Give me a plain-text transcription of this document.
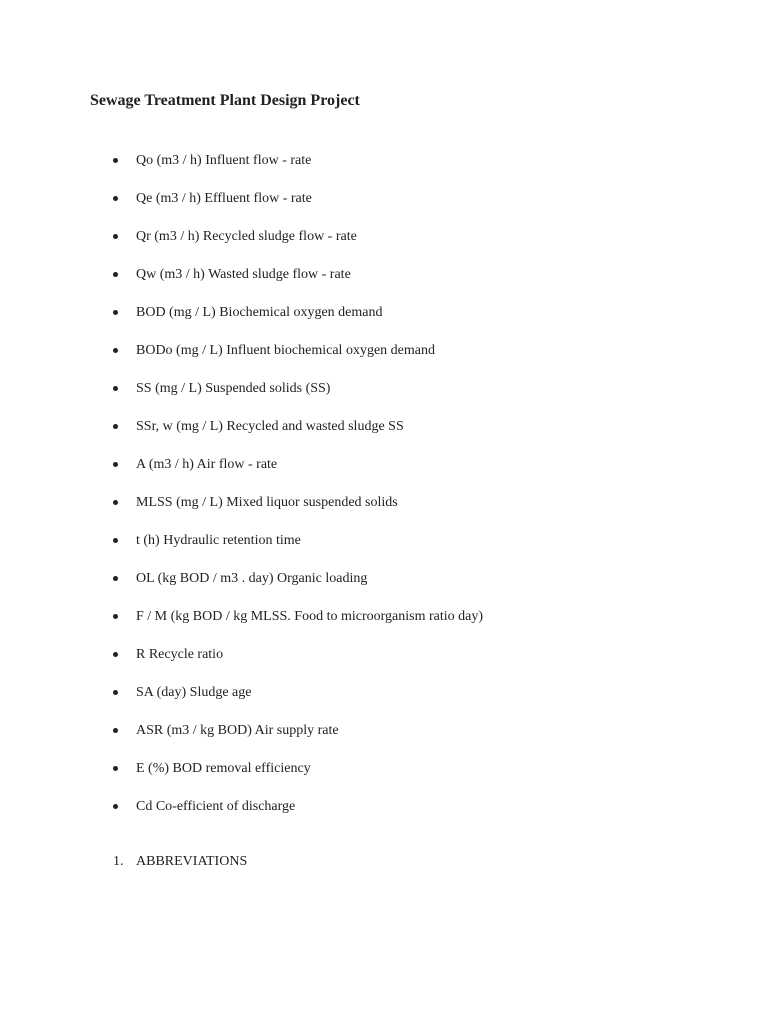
Sewage Treatment Plant Design Project
Qo (m3 / h) Influent flow - rate
Qe (m3 / h) Effluent flow - rate
Qr (m3 / h) Recycled sludge flow - rate
Qw (m3 / h) Wasted sludge flow - rate
BOD (mg / L) Biochemical oxygen demand
BODo (mg / L) Influent biochemical oxygen demand
SS (mg / L) Suspended solids (SS)
SSr, w (mg / L) Recycled and wasted sludge SS
A (m3 / h) Air flow - rate
MLSS (mg / L) Mixed liquor suspended solids
t (h) Hydraulic retention time
OL (kg BOD / m3 . day) Organic loading
F / M (kg BOD / kg MLSS. Food to microorganism ratio day)
R Recycle ratio
SA (day) Sludge age
ASR (m3 / kg BOD) Air supply rate
E (%) BOD removal efficiency
Cd Co-efficient of discharge
1. ABBREVIATIONS
